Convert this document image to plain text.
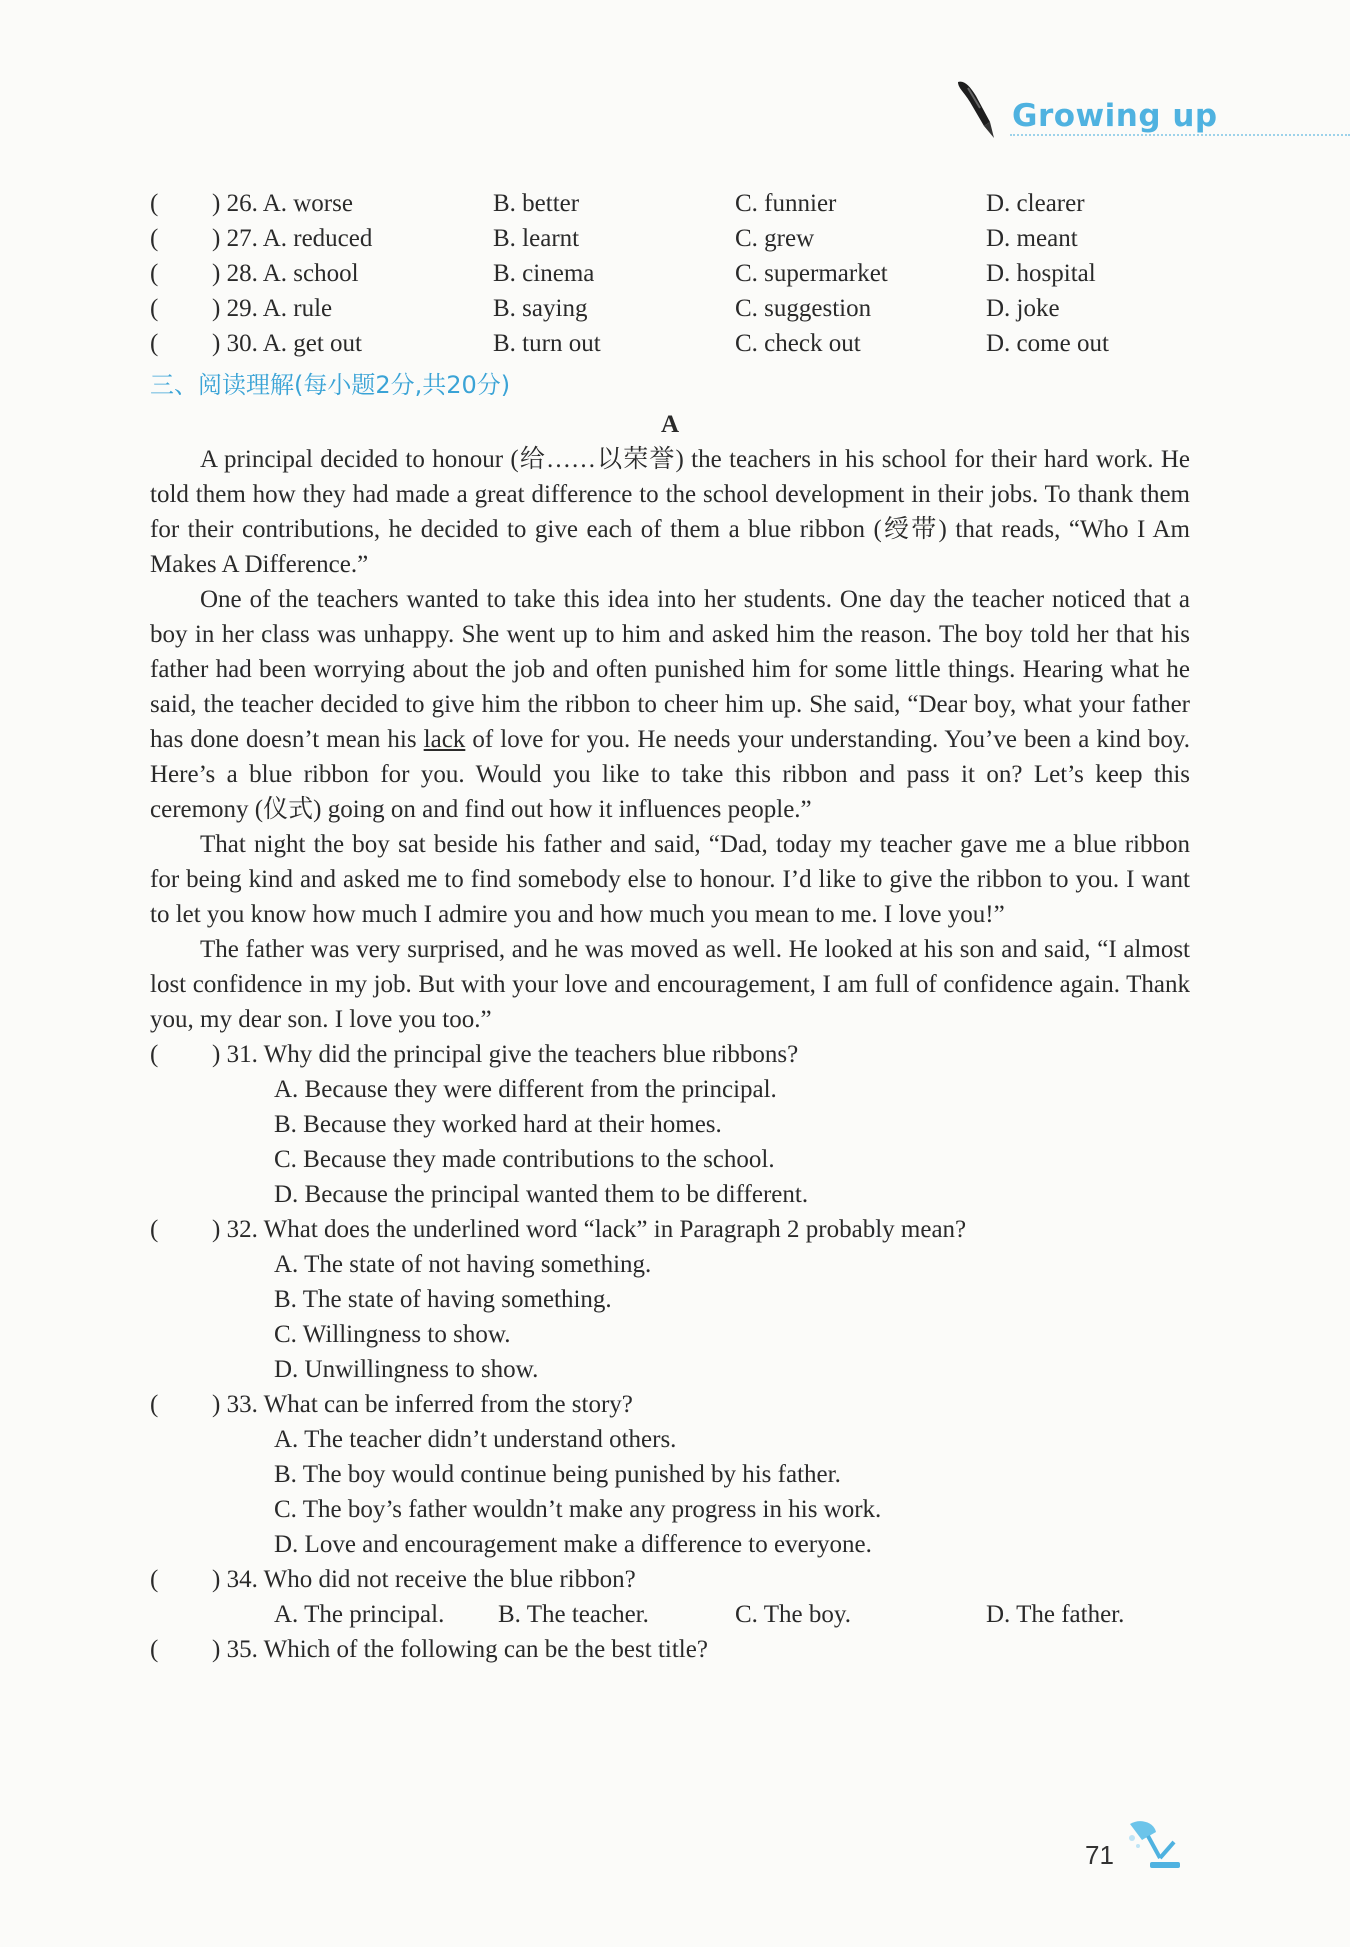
Growing up
( ) 26. A. worse	B. better	C. funnier	D. clearer
( ) 27. A. reduced	B. learnt	C. grew	D. meant
( ) 28. A. school	B. cinema	C. supermarket	D. hospital
( ) 29. A. rule	B. saying	C. suggestion	D. joke
( ) 30. A. get out	B. turn out	C. check out	D. come out
三、阅读理解(每小题2分,共20分)
A

A principal decided to honour (给……以荣誉) the teachers in his school for their hard work. He told them how they had made a great difference to the school development in their jobs. To thank them for their contributions, he decided to give each of them a blue ribbon (绶带) that reads, “Who I Am Makes A Difference.”

One of the teachers wanted to take this idea into her students. One day the teacher noticed that a boy in her class was unhappy. She went up to him and asked him the reason. The boy told her that his father had been worrying about the job and often punished him for some little things. Hearing what he said, the teacher decided to give him the ribbon to cheer him up. She said, “Dear boy, what your father has done doesn’t mean his lack of love for you. He needs your understanding. You’ve been a kind boy. Here’s a blue ribbon for you. Would you like to take this ribbon and pass it on? Let’s keep this ceremony (仪式) going on and find out how it influences people.”

That night the boy sat beside his father and said, “Dad, today my teacher gave me a blue ribbon for being kind and asked me to find somebody else to honour. I’d like to give the ribbon to you. I want to let you know how much I admire you and how much you mean to me. I love you!”

The father was very surprised, and he was moved as well. He looked at his son and said, “I almost lost confidence in my job. But with your love and encouragement, I am full of confidence again. Thank you, my dear son. I love you too.”

( ) 31. Why did the principal give the teachers blue ribbons?
A. Because they were different from the principal.
B. Because they worked hard at their homes.
C. Because they made contributions to the school.
D. Because the principal wanted them to be different.
( ) 32. What does the underlined word “lack” in Paragraph 2 probably mean?
A. The state of not having something.
B. The state of having something.
C. Willingness to show.
D. Unwillingness to show.
( ) 33. What can be inferred from the story?
A. The teacher didn’t understand others.
B. The boy would continue being punished by his father.
C. The boy’s father wouldn’t make any progress in his work.
D. Love and encouragement make a difference to everyone.
( ) 34. Who did not receive the blue ribbon?
A. The principal. B. The teacher.	C. The boy.	D. The father.
( ) 35. Which of the following can be the best title?
71
